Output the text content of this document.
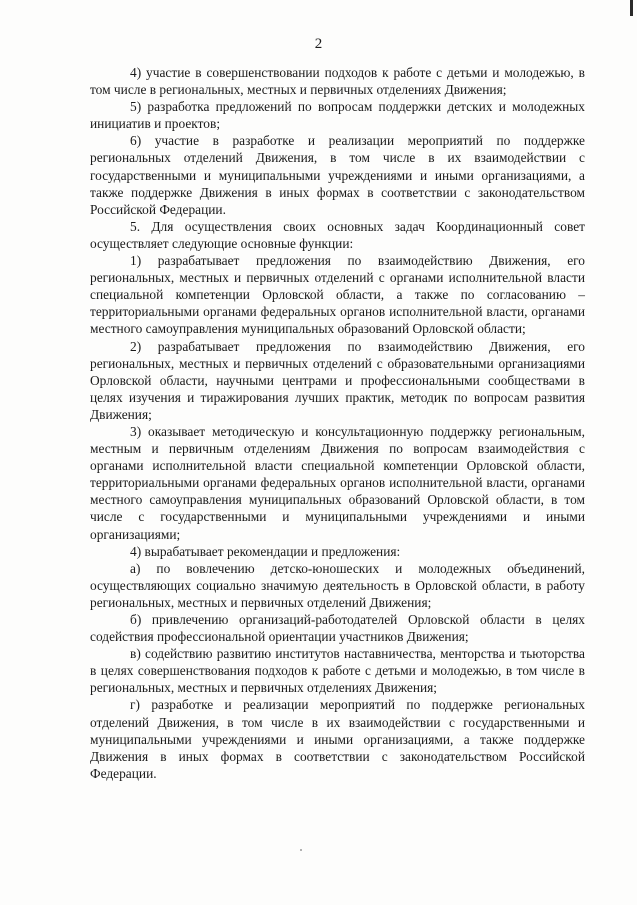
2

4) участие в совершенствовании подходов к работе с детьми и молодежью, в том числе в региональных, местных и первичных отделениях Движения;

5) разработка предложений по вопросам поддержки детских и молодежных инициатив и проектов;

6) участие в разработке и реализации мероприятий по поддержке региональных отделений Движения, в том числе в их взаимодействии с государственными и муниципальными учреждениями и иными организациями, а также поддержке Движения в иных формах в соответствии с законодательством Российской Федерации.

5. Для осуществления своих основных задач Координационный совет осуществляет следующие основные функции:

1) разрабатывает предложения по взаимодействию Движения, его региональных, местных и первичных отделений с органами исполнительной власти специальной компетенции Орловской области, а также по согласованию – территориальными органами федеральных органов исполнительной власти, органами местного самоуправления муниципальных образований Орловской области;

2) разрабатывает предложения по взаимодействию Движения, его региональных, местных и первичных отделений с образовательными организациями Орловской области, научными центрами и профессиональными сообществами в целях изучения и тиражирования лучших практик, методик по вопросам развития Движения;

3) оказывает методическую и консультационную поддержку региональным, местным и первичным отделениям Движения по вопросам взаимодействия с органами исполнительной власти специальной компетенции Орловской области, территориальными органами федеральных органов исполнительной власти, органами местного самоуправления муниципальных образований Орловской области, в том числе с государственными и муниципальными учреждениями и иными организациями;

4) вырабатывает рекомендации и предложения:

а) по вовлечению детско-юношеских и молодежных объединений, осуществляющих социально значимую деятельность в Орловской области, в работу региональных, местных и первичных отделений Движения;

б) привлечению организаций-работодателей Орловской области в целях содействия профессиональной ориентации участников Движения;

в) содействию развитию институтов наставничества, менторства и тьюторства в целях совершенствования подходов к работе с детьми и молодежью, в том числе в региональных, местных и первичных отделениях Движения;

г) разработке и реализации мероприятий по поддержке региональных отделений Движения, в том числе в их взаимодействии с государственными и муниципальными учреждениями и иными организациями, а также поддержке Движения в иных формах в соответствии с законодательством Российской Федерации.
